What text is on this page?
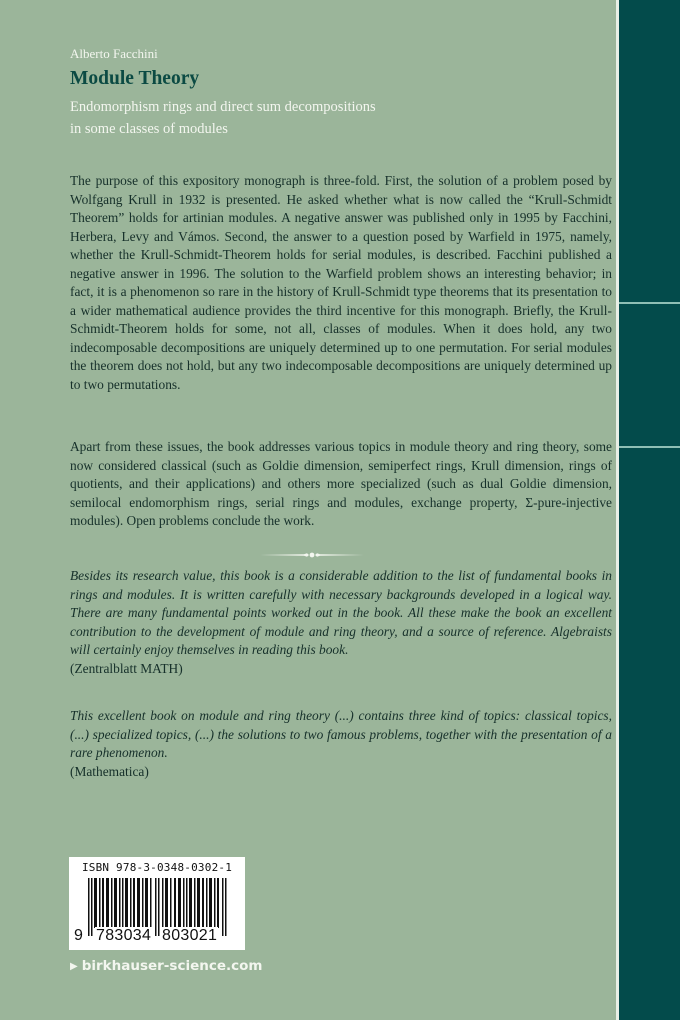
Alberto Facchini
Module Theory
Endomorphism rings and direct sum decompositions
in some classes of modules
The purpose of this expository monograph is three-fold. First, the solution of a problem posed by Wolfgang Krull in 1932 is presented. He asked whether what is now called the “Krull-Schmidt Theorem” holds for artinian modules. A negative answer was published only in 1995 by Facchini, Herbera, Levy and Vámos. Second, the answer to a question posed by Warfield in 1975, namely, whether the Krull-Schmidt-Theorem holds for serial modules, is described. Facchini published a negative answer in 1996. The solution to the Warfield problem shows an interesting behavior; in fact, it is a phenomenon so rare in the history of Krull-Schmidt type theorems that its presentation to a wider mathematical audience provides the third incentive for this monograph. Briefly, the Krull-Schmidt-Theorem holds for some, not all, classes of modules. When it does hold, any two indecomposable decompositions are uniquely determined up to one permutation. For serial modules the theorem does not hold, but any two indecomposable decompositions are uniquely determined up to two permutations.
Apart from these issues, the book addresses various topics in module theory and ring theory, some now considered classical (such as Goldie dimension, semiperfect rings, Krull dimension, rings of quotients, and their applications) and others more specialized (such as dual Goldie dimension, semilocal endomorphism rings, serial rings and modules, exchange property, Σ-pure-injective modules). Open problems conclude the work.
Besides its research value, this book is a considerable addition to the list of fundamental books in rings and modules. It is written carefully with necessary backgrounds developed in a logical way. There are many fundamental points worked out in the book. All these make the book an excellent contribution to the development of module and ring theory, and a source of reference. Algebraists will certainly enjoy themselves in reading this book.
(Zentralblatt MATH)
This excellent book on module and ring theory (...) contains three kind of topics: classical topics, (...) specialized topics, (...) the solutions to two famous problems, together with the presentation of a rare phenomenon.
(Mathematica)
ISBN 978-3-0348-0302-1
9 783034 803021
▶ birkhauser-science.com
